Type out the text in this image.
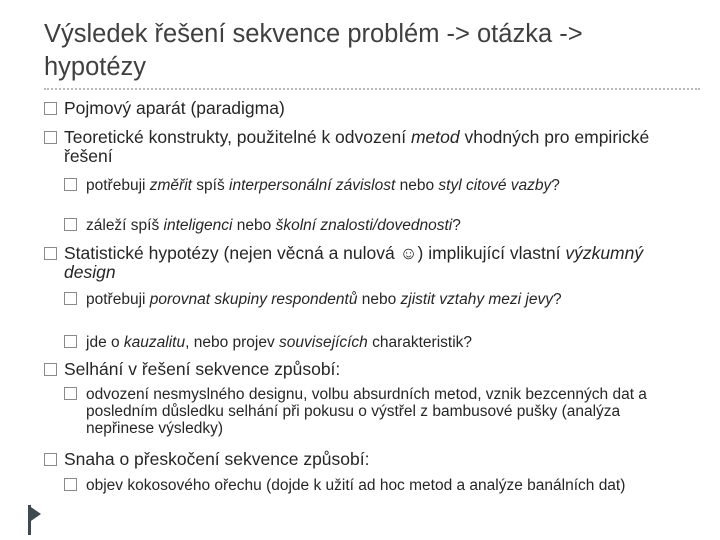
Výsledek řešení sekvence problém -> otázka -> hypotézy
Pojmový aparát (paradigma)
Teoretické konstrukty, použitelné k odvození metod vhodných pro empirické řešení
potřebuji změřit spíš interpersonální závislost nebo styl citové vazby?
záleží spíš inteligenci nebo školní znalosti/dovednosti?
Statistické hypotézy (nejen věcná a nulová ☺) implikující vlastní výzkumný design
potřebuji porovnat skupiny respondentů nebo zjistit vztahy mezi jevy?
jde o kauzalitu, nebo projev souvisejících charakteristik?
Selhání v řešení sekvence způsobí:
odvození nesmyslného designu, volbu absurdních metod, vznik bezcenných dat a posledním důsledku selhání při pokusu o výstřel z bambusové pušky (analýza nepřinese výsledky)
Snaha o přeskočení sekvence způsobí:
objev kokosového ořechu (dojde k užití ad hoc metod a analýze banálních dat)
